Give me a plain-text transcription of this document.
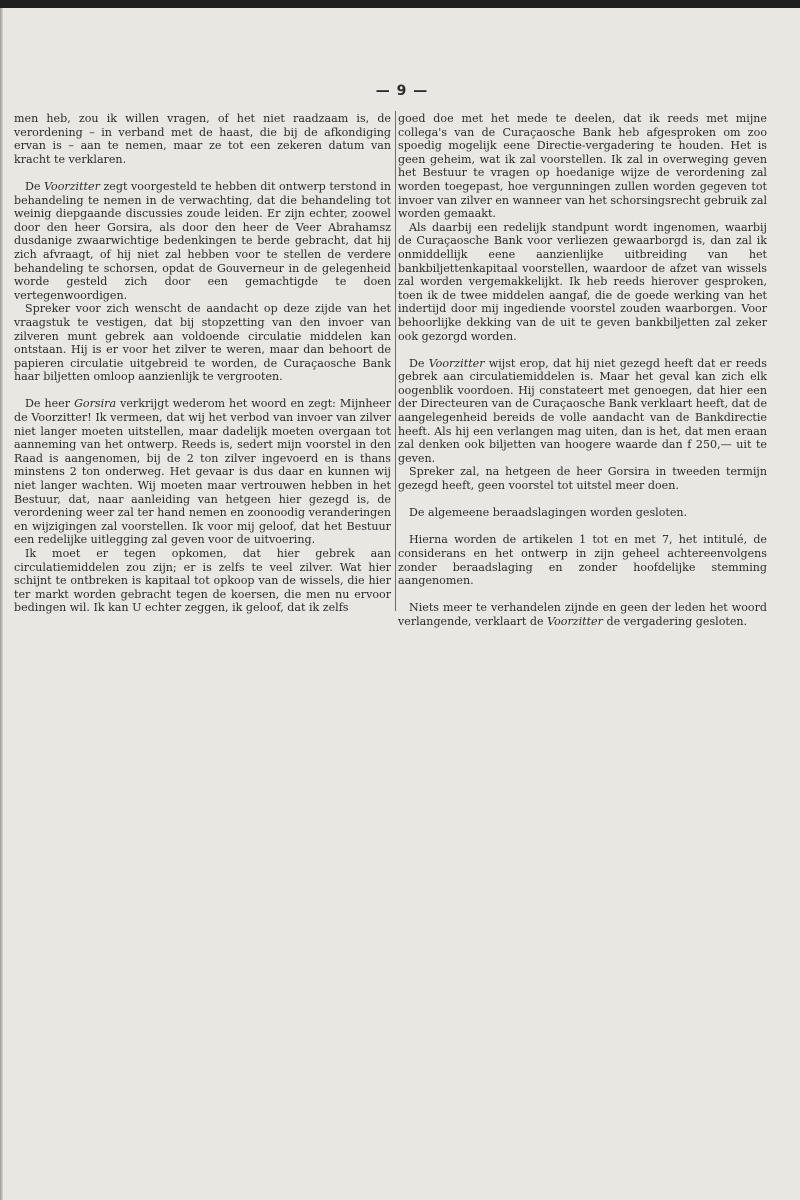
— 9 —

men heb, zou ik willen vragen, of het niet raadzaam is, de verordening – in verband met de haast, die bij de afkondiging ervan is – aan te nemen, maar ze tot een zekeren datum van kracht te verklaren.

De Voorzitter zegt voorgesteld te hebben dit ontwerp terstond in behandeling te nemen in de verwachting, dat die behandeling tot weinig diepgaande discussies zoude leiden. Er zijn echter, zoowel door den heer Gorsira, als door den heer de Veer Abrahamsz dusdanige zwaarwichtige bedenkingen te berde gebracht, dat hij zich afvraagt, of hij niet zal hebben voor te stellen de verdere behandeling te schorsen, opdat de Gouverneur in de gelegenheid worde gesteld zich door een gemachtigde te doen vertegenwoordigen.

Spreker voor zich wenscht de aandacht op deze zijde van het vraagstuk te vestigen, dat bij stopzetting van den invoer van zilveren munt gebrek aan voldoende circulatie middelen kan ontstaan. Hij is er voor het zilver te weren, maar dan behoort de papieren circulatie uitgebreid te worden, de Curaçaosche Bank haar biljetten omloop aanzienlijk te vergrooten.

De heer Gorsira verkrijgt wederom het woord en zegt: Mijnheer de Voorzitter! Ik vermeen, dat wij het verbod van invoer van zilver niet langer moeten uitstellen, maar dadelijk moeten overgaan tot aanneming van het ontwerp. Reeds is, sedert mijn voorstel in den Raad is aangenomen, bij de 2 ton zilver ingevoerd en is thans minstens 2 ton onderweg. Het gevaar is dus daar en kunnen wij niet langer wachten. Wij moeten maar vertrouwen hebben in het Bestuur, dat, naar aanleiding van hetgeen hier gezegd is, de verordening weer zal ter hand nemen en zoonoodig veranderingen en wijzigingen zal voorstellen. Ik voor mij geloof, dat het Bestuur een redelijke uitlegging zal geven voor de uitvoering.

Ik moet er tegen opkomen, dat hier gebrek aan circulatiemiddelen zou zijn; er is zelfs te veel zilver. Wat hier schijnt te ontbreken is kapitaal tot opkoop van de wissels, die hier ter markt worden gebracht tegen de koersen, die men nu ervoor bedingen wil. Ik kan U echter zeggen, ik geloof, dat ik zelfs

goed doe met het mede te deelen, dat ik reeds met mijne collega's van de Curaçaosche Bank heb afgesproken om zoo spoedig mogelijk eene Directie-vergadering te houden. Het is geen geheim, wat ik zal voorstellen. Ik zal in overweging geven het Bestuur te vragen op hoedanige wijze de verordening zal worden toegepast, hoe vergunningen zullen worden gegeven tot invoer van zilver en wanneer van het schorsingsrecht gebruik zal worden gemaakt.

Als daarbij een redelijk standpunt wordt ingenomen, waarbij de Curaçaosche Bank voor verliezen gewaarborgd is, dan zal ik onmiddellijk eene aanzienlijke uitbreiding van het bankbiljettenkapitaal voorstellen, waardoor de afzet van wissels zal worden vergemakkelijkt. Ik heb reeds hierover gesproken, toen ik de twee middelen aangaf, die de goede werking van het indertijd door mij ingediende voorstel zouden waarborgen. Voor behoorlijke dekking van de uit te geven bankbiljetten zal zeker ook gezorgd worden.

De Voorzitter wijst erop, dat hij niet gezegd heeft dat er reeds gebrek aan circulatiemiddelen is. Maar het geval kan zich elk oogenblik voordoen. Hij constateert met genoegen, dat hier een der Directeuren van de Curaçaosche Bank verklaart heeft, dat de aangelegenheid bereids de volle aandacht van de Bankdirectie heeft. Als hij een verlangen mag uiten, dan is het, dat men eraan zal denken ook biljetten van hoogere waarde dan f 250,— uit te geven.

Spreker zal, na hetgeen de heer Gorsira in tweeden termijn gezegd heeft, geen voorstel tot uitstel meer doen.

De algemeene beraadslagingen worden gesloten.

Hierna worden de artikelen 1 tot en met 7, het intitulé, de considerans en het ontwerp in zijn geheel achtereenvolgens zonder beraadslaging en zonder hoofdelijke stemming aangenomen.

Niets meer te verhandelen zijnde en geen der leden het woord verlangende, verklaart de Voorzitter de vergadering gesloten.
